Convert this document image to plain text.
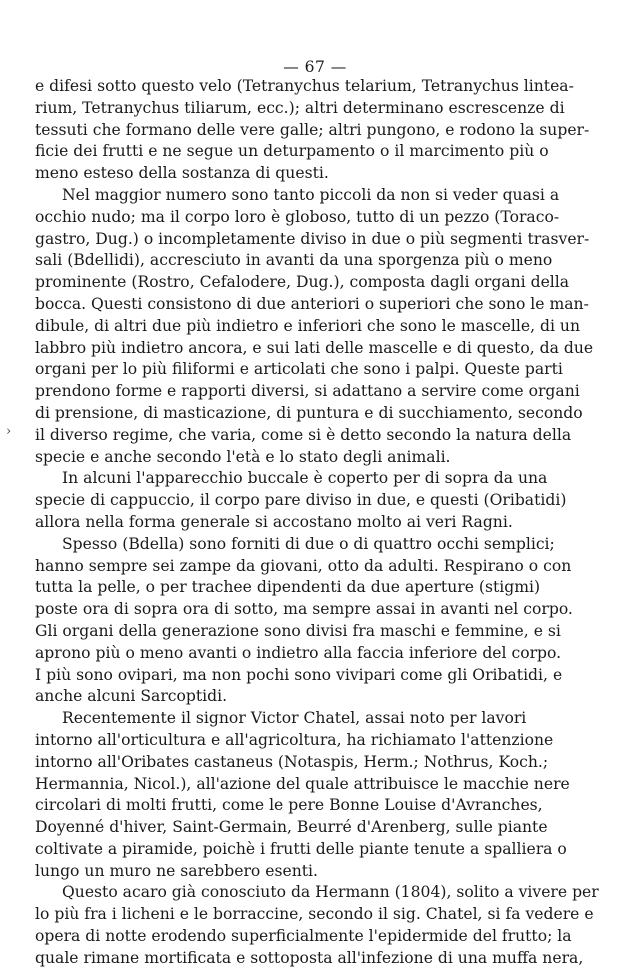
— 67 —
e difesi sotto questo velo (Tetranychus telarium, Tetranychus lintea-
rium, Tetranychus tiliarum, ecc.); altri determinano escrescenze di
tessuti che formano delle vere galle; altri pungono, e rodono la super-
ficie dei frutti e ne segue un deturpamento o il marcimento più o
meno esteso della sostanza di questi.
Nel maggior numero sono tanto piccoli da non si veder quasi a
occhio nudo; ma il corpo loro è globoso, tutto di un pezzo (Toraco-
gastro, Dug.) o incompletamente diviso in due o più segmenti trasver-
sali (Bdellidi), accresciuto in avanti da una sporgenza più o meno
prominente (Rostro, Cefalodere, Dug.), composta dagli organi della
bocca. Questi consistono di due anteriori o superiori che sono le man-
dibule, di altri due più indietro e inferiori che sono le mascelle, di un
labbro più indietro ancora, e sui lati delle mascelle e di questo, da due
organi per lo più filiformi e articolati che sono i palpi. Queste parti
prendono forme e rapporti diversi, si adattano a servire come organi
di prensione, di masticazione, di puntura e di succhiamento, secondo
il diverso regime, che varia, come si è detto secondo la natura della
specie e anche secondo l'età e lo stato degli animali.
In alcuni l'apparecchio buccale è coperto per di sopra da una
specie di cappuccio, il corpo pare diviso in due, e questi (Oribatidi)
allora nella forma generale si accostano molto ai veri Ragni.
Spesso (Bdella) sono forniti di due o di quattro occhi semplici;
hanno sempre sei zampe da giovani, otto da adulti. Respirano o con
tutta la pelle, o per trachee dipendenti da due aperture (stigmi)
poste ora di sopra ora di sotto, ma sempre assai in avanti nel corpo.
Gli organi della generazione sono divisi fra maschi e femmine, e si
aprono più o meno avanti o indietro alla faccia inferiore del corpo.
I più sono ovipari, ma non pochi sono vivipari come gli Oribatidi, e
anche alcuni Sarcoptidi.
Recentemente il signor Victor Chatel, assai noto per lavori
intorno all'orticultura e all'agricoltura, ha richiamato l'attenzione
intorno all'Oribates castaneus (Notaspis, Herm.; Nothrus, Koch.;
Hermannia, Nicol.), all'azione del quale attribuisce le macchie nere
circolari di molti frutti, come le pere Bonne Louise d'Avranches,
Doyenné d'hiver, Saint-Germain, Beurré d'Arenberg, sulle piante
coltivate a piramide, poichè i frutti delle piante tenute a spalliera o
lungo un muro ne sarebbero esenti.
Questo acaro già conosciuto da Hermann (1804), solito a vivere per
lo più fra i licheni e le borraccine, secondo il sig. Chatel, si fa vedere e
opera di notte erodendo superficialmente l'epidermide del frutto; la
quale rimane mortificata e sottoposta all'infezione di una muffa nera,
›
